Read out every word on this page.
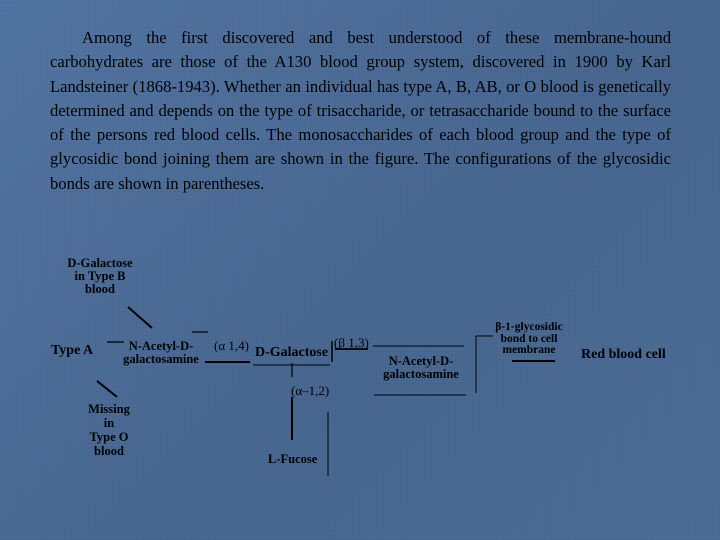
Among the first discovered and best understood of these membrane-hound carbohydrates are those of the A130 blood group system, discovered in 1900 by Karl Landsteiner (1868-1943). Whether an individual has type A, B, AB, or O blood is genetically determined and depends on the type of trisaccharide, or tetrasaccharide bound to the surface of the persons red blood cells. The monosaccharides of each blood group and the type of glycosidic bond joining them are shown in the figure. The configurations of the glycosidic bonds are shown in parentheses.

D-Galactose
in Type B
blood
Type A	N-Acetyl-D-
galactosamine
(α 1,4) D-Galactose
(β 1,3)
N-Acetyl-D-
galactosamine
β-1-glycosidic
bond to cell
membrane	Red blood cell
(α–1,2)
Missing
in
Type O
blood
L-Fucose
